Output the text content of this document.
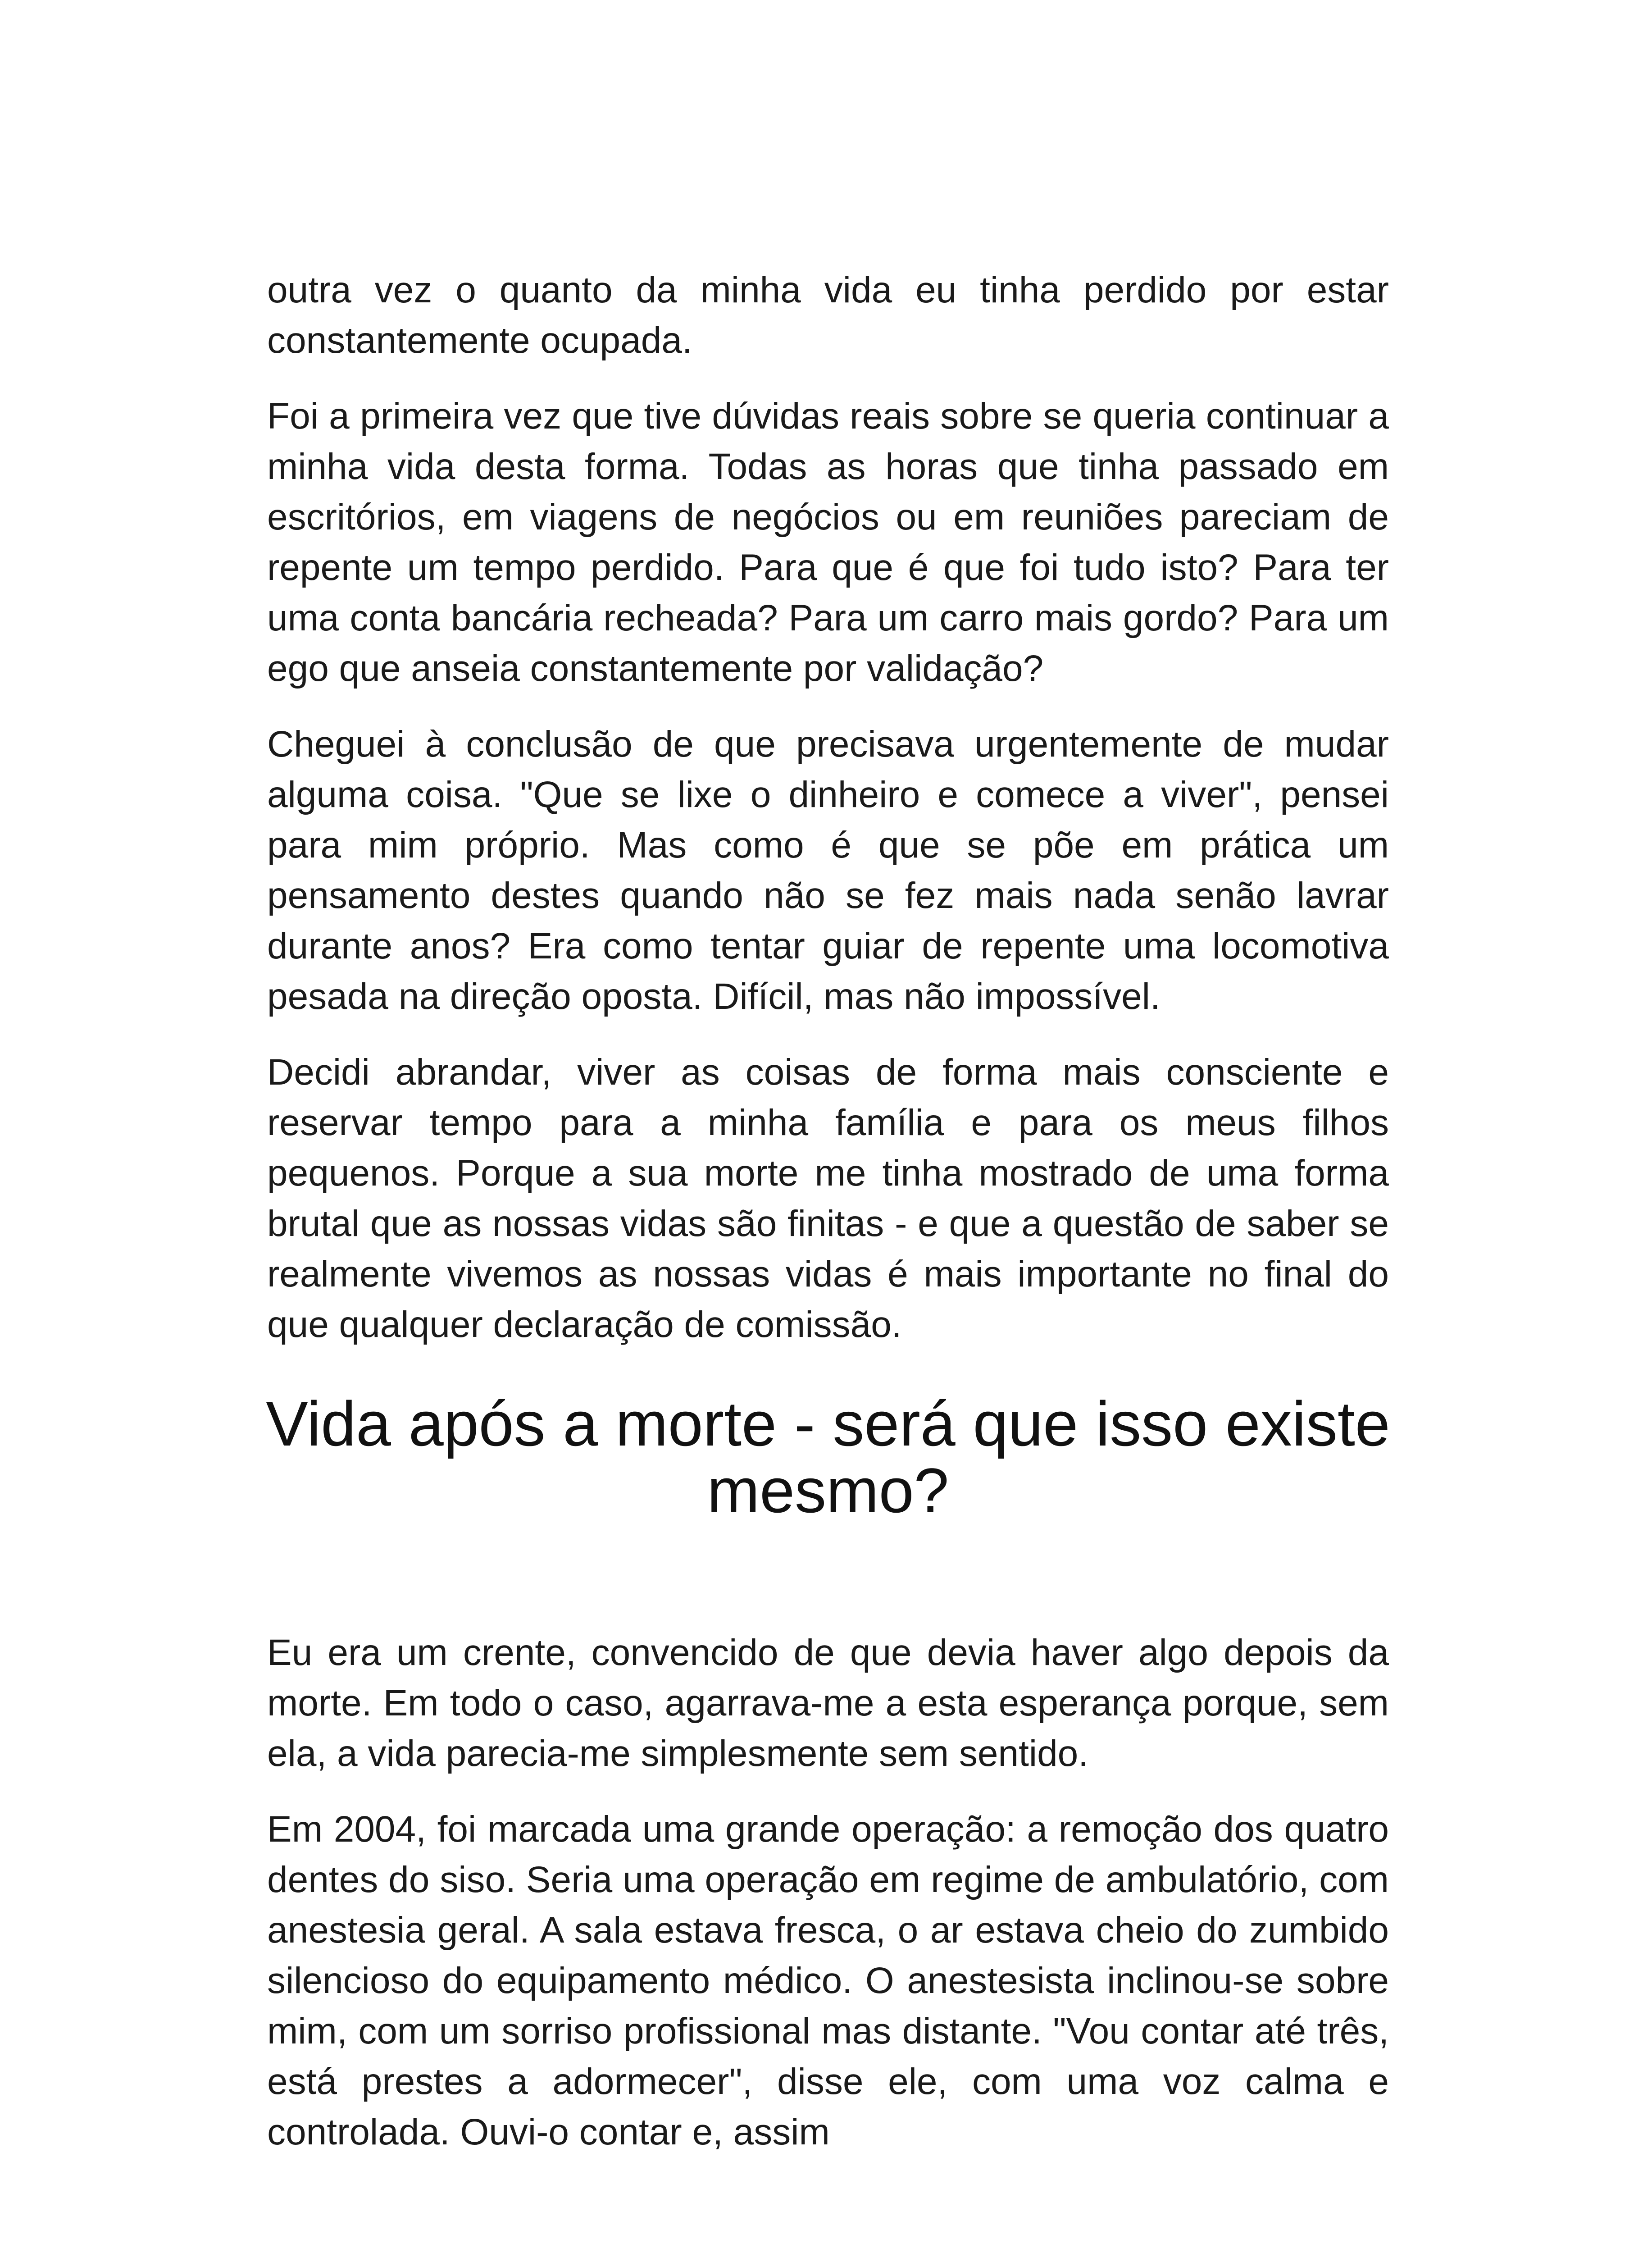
outra vez o quanto da minha vida eu tinha perdido por estar constantemente ocupada.

Foi a primeira vez que tive dúvidas reais sobre se queria continuar a minha vida desta forma. Todas as horas que tinha passado em escritórios, em viagens de negócios ou em reuniões pareciam de repente um tempo perdido. Para que é que foi tudo isto? Para ter uma conta bancária recheada? Para um carro mais gordo? Para um ego que anseia constantemente por validação?

Cheguei à conclusão de que precisava urgentemente de mudar alguma coisa. "Que se lixe o dinheiro e comece a viver", pensei para mim próprio. Mas como é que se põe em prática um pensamento destes quando não se fez mais nada senão lavrar durante anos? Era como tentar guiar de repente uma locomotiva pesada na direção oposta. Difícil, mas não impossível.

Decidi abrandar, viver as coisas de forma mais consciente e reservar tempo para a minha família e para os meus filhos pequenos. Porque a sua morte me tinha mostrado de uma forma brutal que as nossas vidas são finitas - e que a questão de saber se realmente vivemos as nossas vidas é mais importante no final do que qualquer declaração de comissão.

Vida após a morte - será que isso existe mesmo?

Eu era um crente, convencido de que devia haver algo depois da morte. Em todo o caso, agarrava-me a esta esperança porque, sem ela, a vida parecia-me simplesmente sem sentido.

Em 2004, foi marcada uma grande operação: a remoção dos quatro dentes do siso. Seria uma operação em regime de ambulatório, com anestesia geral. A sala estava fresca, o ar estava cheio do zumbido silencioso do equipamento médico. O anestesista inclinou-se sobre mim, com um sorriso profissional mas distante. "Vou contar até três, está prestes a adormecer", disse ele, com uma voz calma e controlada. Ouvi-o contar e, assim
